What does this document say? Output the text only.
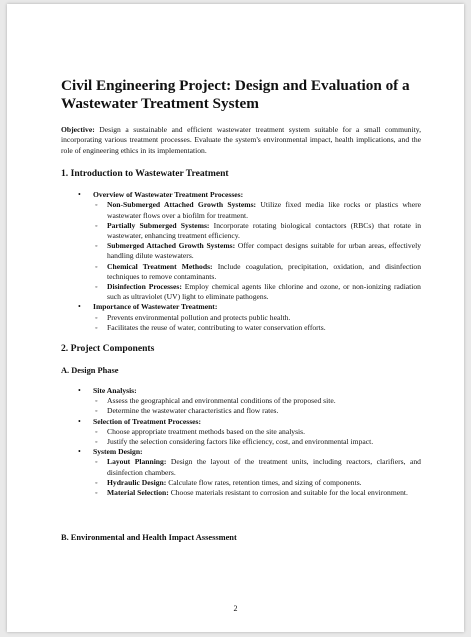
Civil Engineering Project: Design and Evaluation of a Wastewater Treatment System
Objective: Design a sustainable and efficient wastewater treatment system suitable for a small community, incorporating various treatment processes. Evaluate the system's environmental impact, health implications, and the role of engineering ethics in its implementation.
1. Introduction to Wastewater Treatment
• Overview of Wastewater Treatment Processes:
◦ Non-Submerged Attached Growth Systems: Utilize fixed media like rocks or plastics where wastewater flows over a biofilm for treatment.
◦ Partially Submerged Systems: Incorporate rotating biological contactors (RBCs) that rotate in wastewater, enhancing treatment efficiency.
◦ Submerged Attached Growth Systems: Offer compact designs suitable for urban areas, effectively handling dilute wastewaters.
◦ Chemical Treatment Methods: Include coagulation, precipitation, oxidation, and disinfection techniques to remove contaminants.
◦ Disinfection Processes: Employ chemical agents like chlorine and ozone, or non-ionizing radiation such as ultraviolet (UV) light to eliminate pathogens.
• Importance of Wastewater Treatment:
◦ Prevents environmental pollution and protects public health.
◦ Facilitates the reuse of water, contributing to water conservation efforts.
2. Project Components
A. Design Phase
• Site Analysis:
◦ Assess the geographical and environmental conditions of the proposed site.
◦ Determine the wastewater characteristics and flow rates.
• Selection of Treatment Processes:
◦ Choose appropriate treatment methods based on the site analysis.
◦ Justify the selection considering factors like efficiency, cost, and environmental impact.
• System Design:
◦ Layout Planning: Design the layout of the treatment units, including reactors, clarifiers, and disinfection chambers.
◦ Hydraulic Design: Calculate flow rates, retention times, and sizing of components.
◦ Material Selection: Choose materials resistant to corrosion and suitable for the local environment.
B. Environmental and Health Impact Assessment
2
